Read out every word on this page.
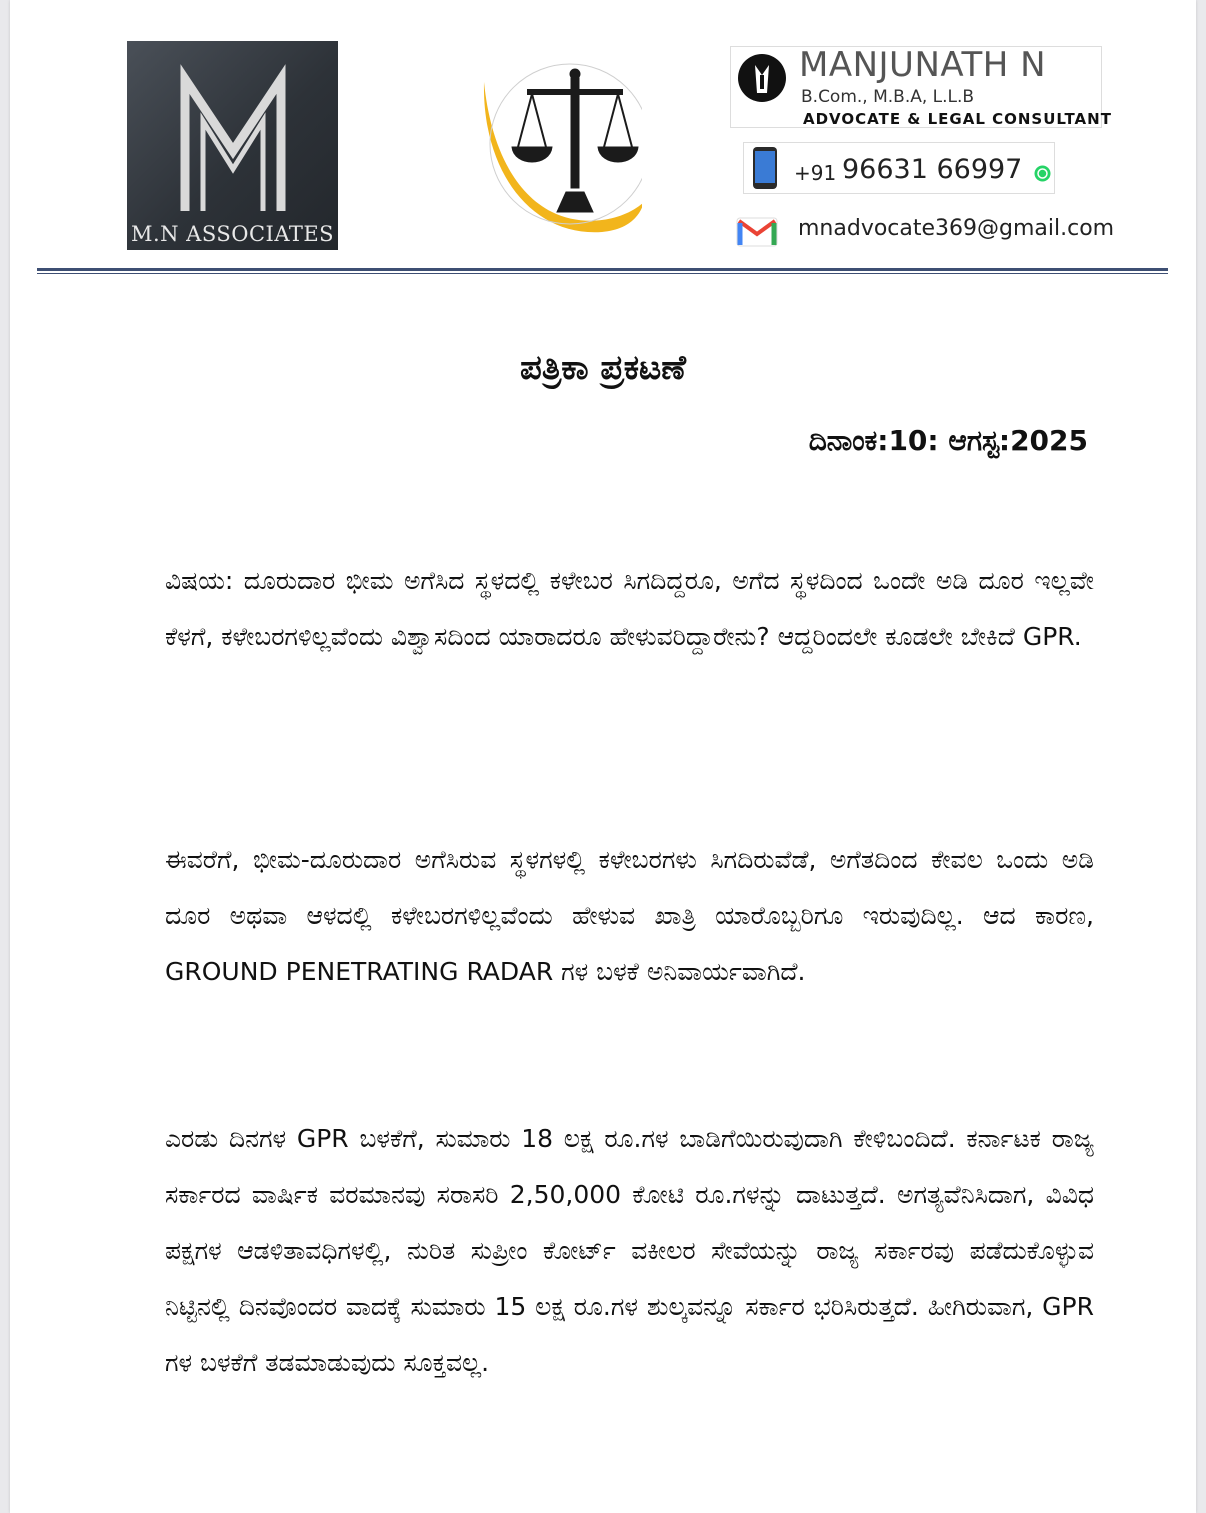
M.N ASSOCIATES
MANJUNATH N
B.Com., M.B.A, L.L.B
ADVOCATE & LEGAL CONSULTANT
+91 96631 66997
mnadvocate369@gmail.com
ಪತ್ರಿಕಾ ಪ್ರಕಟಣೆ
ದಿನಾಂಕ:10: ಆಗಸ್ಟ:2025

ವಿಷಯ: ದೂರುದಾರ ಭೀಮ ಅಗೆಸಿದ ಸ್ಥಳದಲ್ಲಿ ಕಳೇಬರ ಸಿಗದಿದ್ದರೂ, ಅಗೆದ ಸ್ಥಳದಿಂದ ಒಂದೇ ಅಡಿ ದೂರ ಇಲ್ಲವೇ ಕೆಳಗೆ, ಕಳೇಬರಗಳಿಲ್ಲವೆಂದು ವಿಶ್ವಾಸದಿಂದ ಯಾರಾದರೂ ಹೇಳುವರಿದ್ದಾರೇನು? ಆದ್ದರಿಂದಲೇ ಕೂಡಲೇ ಬೇಕಿದೆ GPR.

ಈವರೆಗೆ, ಭೀಮ-ದೂರುದಾರ ಅಗೆಸಿರುವ ಸ್ಥಳಗಳಲ್ಲಿ ಕಳೇಬರಗಳು ಸಿಗದಿರುವೆಡೆ, ಅಗೆತದಿಂದ ಕೇವಲ ಒಂದು ಅಡಿ ದೂರ ಅಥವಾ ಆಳದಲ್ಲಿ ಕಳೇಬರಗಳಿಲ್ಲವೆಂದು ಹೇಳುವ ಖಾತ್ರಿ ಯಾರೊಬ್ಬರಿಗೂ ಇರುವುದಿಲ್ಲ. ಆದ ಕಾರಣ, GROUND PENETRATING RADAR ಗಳ ಬಳಕೆ ಅನಿವಾರ್ಯವಾಗಿದೆ.

ಎರಡು ದಿನಗಳ GPR ಬಳಕೆಗೆ, ಸುಮಾರು 18 ಲಕ್ಷ ರೂ.ಗಳ ಬಾಡಿಗೆಯಿರುವುದಾಗಿ ಕೇಳಿಬಂದಿದೆ. ಕರ್ನಾಟಕ ರಾಜ್ಯ ಸರ್ಕಾರದ ವಾರ್ಷಿಕ ವರಮಾನವು ಸರಾಸರಿ 2,50,000 ಕೋಟಿ ರೂ.ಗಳನ್ನು ದಾಟುತ್ತದೆ. ಅಗತ್ಯವೆನಿಸಿದಾಗ, ವಿವಿಧ ಪಕ್ಷಗಳ ಆಡಳಿತಾವಧಿಗಳಲ್ಲಿ, ನುರಿತ ಸುಪ್ರೀಂ ಕೋರ್ಟ್ ವಕೀಲರ ಸೇವೆಯನ್ನು ರಾಜ್ಯ ಸರ್ಕಾರವು ಪಡೆದುಕೊಳ್ಳುವ ನಿಟ್ಟಿನಲ್ಲಿ ದಿನವೊಂದರ ವಾದಕ್ಕೆ ಸುಮಾರು 15 ಲಕ್ಷ ರೂ.ಗಳ ಶುಲ್ಕವನ್ನೂ ಸರ್ಕಾರ ಭರಿಸಿರುತ್ತದೆ. ಹೀಗಿರುವಾಗ, GPR ಗಳ ಬಳಕೆಗೆ ತಡಮಾಡುವುದು ಸೂಕ್ತವಲ್ಲ.
